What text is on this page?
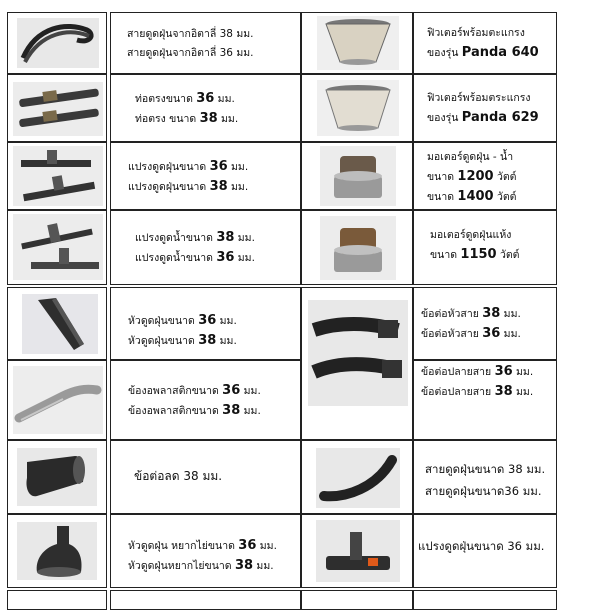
สายดูดฝุ่นจากอิตาลี่ 38 มม.
สายดูดฝุ่นจากอิตาลี่ 36 มม.
ท่อตรงขนาด 36 มม.
ท่อตรง ขนาด 38 มม.
แปรงดูดฝุ่นขนาด 36 มม.
แปรงดูดฝุ่นขนาด 38 มม.
แปรงดูดน้ำขนาด 38 มม.
แปรงดูดน้ำขนาด 36 มม.
หัวดูดฝุ่นขนาด 36 มม.
หัวดูดฝุ่นขนาด 38 มม.
ข้องอพลาสติกขนาด 36 มม.
ข้องอพลาสติกขนาด 38 มม.
ข้อต่อลด 38 มม.
หัวดูดฝุ่น หยากไย่ขนาด 36 มม.
หัวดูดฝุ่นหยากไย่ขนาด 38 มม.
ฟิวเตอร์พร้อมตะแกรง
ของรุ่น Panda 640
ฟิวเตอร์พร้อมตระแกรง
ของรุ่น Panda 629
มอเตอร์ดูดฝุ่น - น้ำ
ขนาด 1200 วัตต์
ขนาด 1400 วัตต์
มอเตอร์ดูดฝุ่นแห้ง
ขนาด 1150 วัตต์
ข้อต่อหัวสาย 38 มม.
ข้อต่อหัวสาย 36 มม.
ข้อต่อปลายสาย 36 มม.
ข้อต่อปลายสาย 38 มม.
สายดูดฝุ่นขนาด 38 มม.
สายดูดฝุ่นขนาด36 มม.
แปรงดูดฝุ่นขนาด 36 มม.
